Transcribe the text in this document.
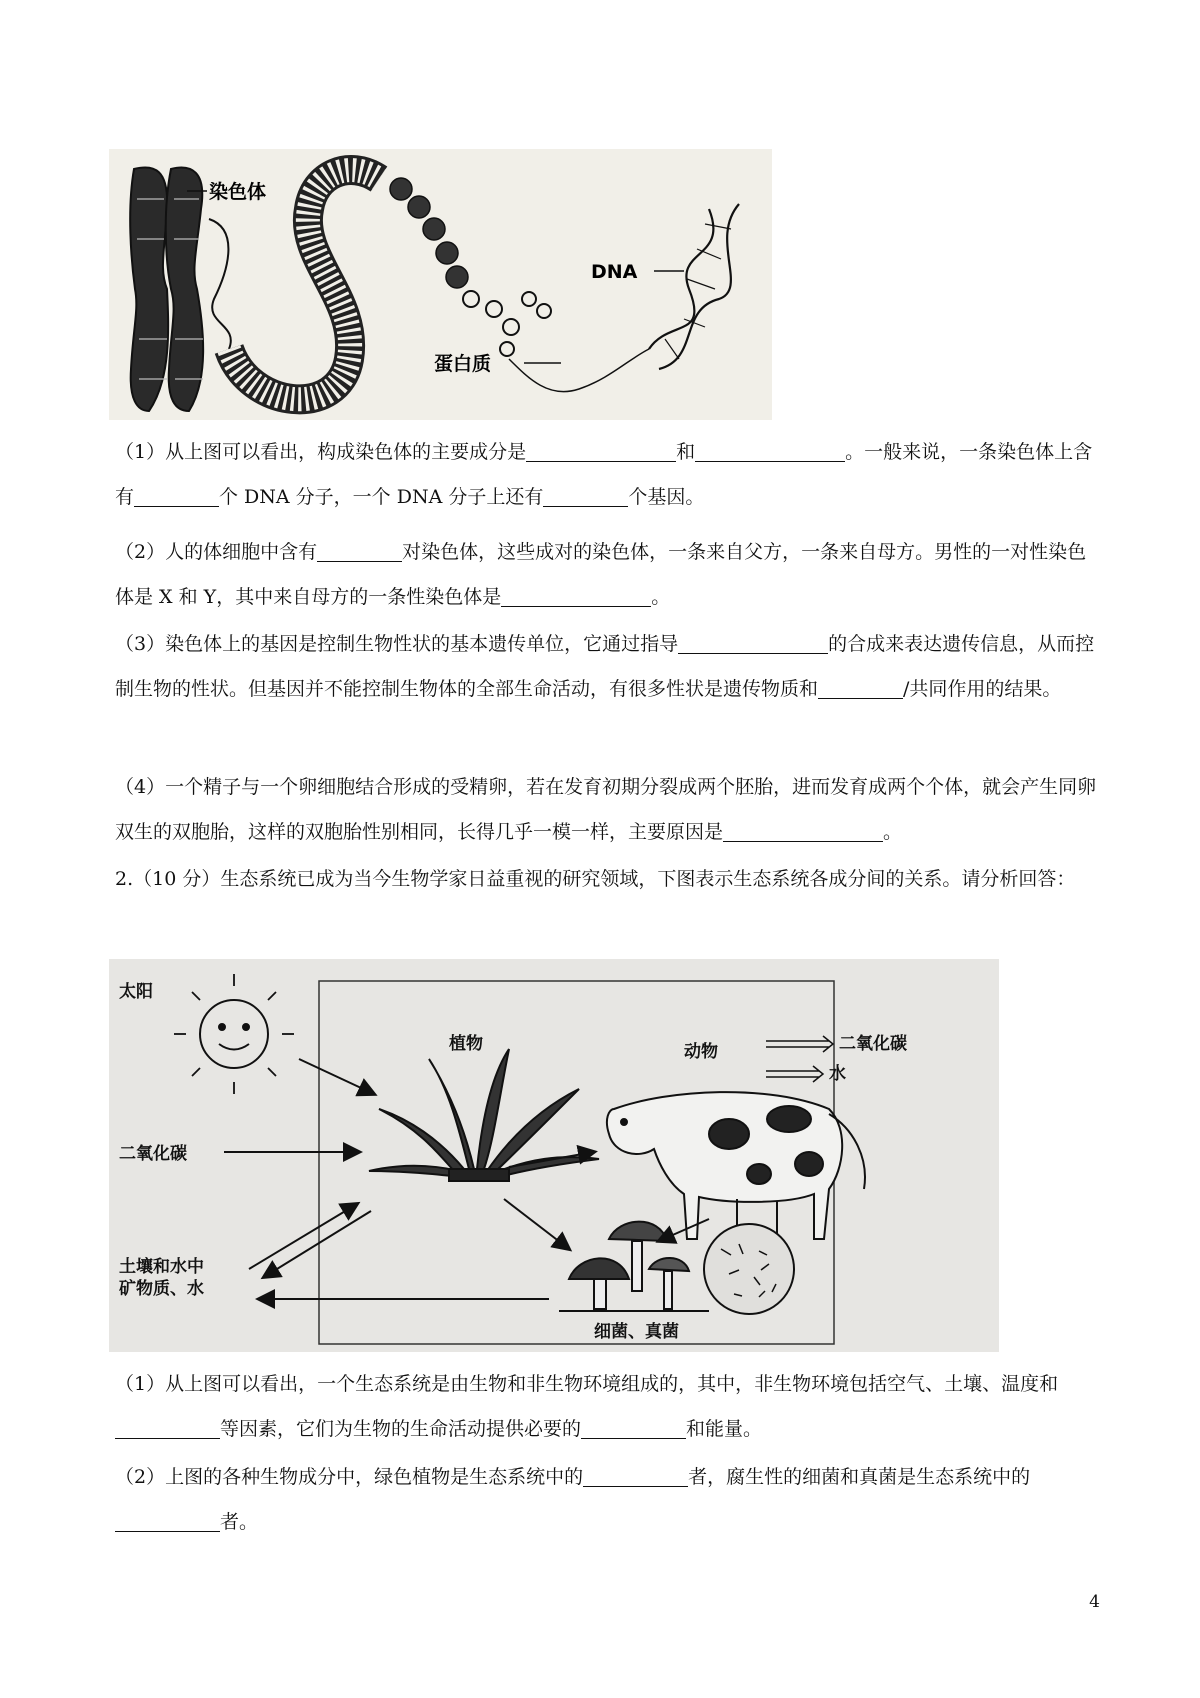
染色体
DNA
蛋白质
（1）从上图可以看出，构成染色体的主要成分是	和	。一般来说，一条染色体上含有	个 DNA 分子，一个 DNA 分子上还有	个基因。
（2）人的体细胞中含有	对染色体，这些成对的染色体，一条来自父方，一条来自母方。男性的一对性染色体是 X 和 Y，其中来自母方的一条性染色体是	。
（3）染色体上的基因是控制生物性状的基本遗传单位，它通过指导	的合成来表达遗传信息，从而控制生物的性状。但基因并不能控制生物体的全部生命活动，有很多性状是遗传物质和	/共同作用的结果。
（4）一个精子与一个卵细胞结合形成的受精卵，若在发育初期分裂成两个胚胎，进而发育成两个个体，就会产生同卵双生的双胞胎，这样的双胞胎性别相同，长得几乎一模一样，主要原因是	。
2.（10 分）生态系统已成为当今生物学家日益重视的研究领域，下图表示生态系统各成分间的关系。请分析回答：
太阳
二氧化碳
植物	动物	二氧化碳
水
土壤和水中
矿物质、水
细菌、真菌
（1）从上图可以看出，一个生态系统是由生物和非生物环境组成的，其中，非生物环境包括空气、土壤、温度和等因素，它们为生物的生命活动提供必要的	和能量。
（2）上图的各种生物成分中，绿色植物是生态系统中的	者，腐生性的细菌和真菌是生态系统中的者。
4
